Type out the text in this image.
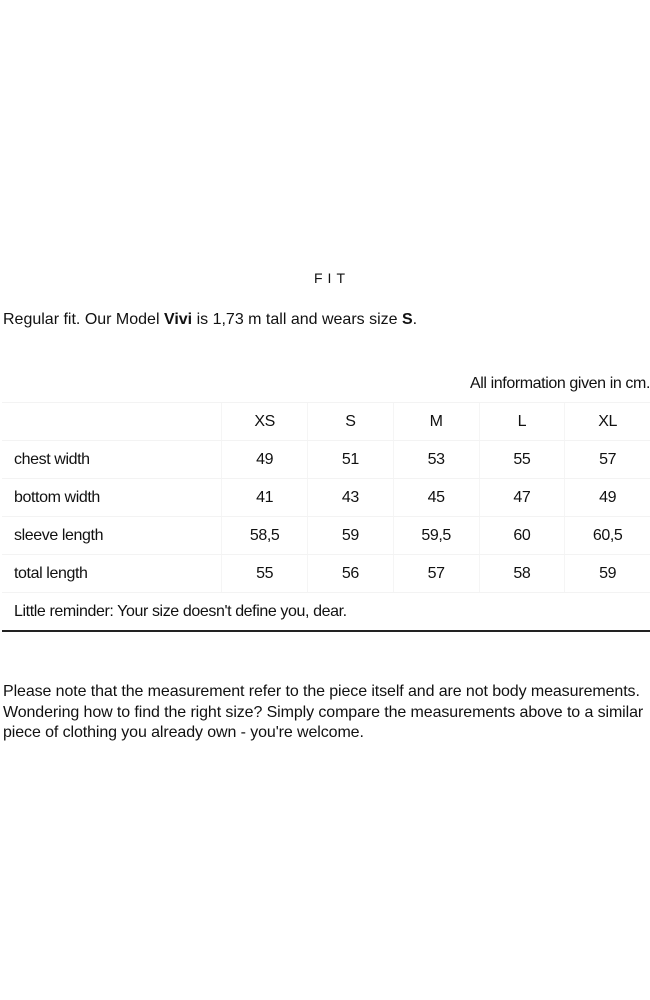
FIT

Regular fit. Our Model Vivi is 1,73 m tall and wears size S.

All information given in cm.					
	XS	S	M	L	XL
chest width	49	51	53	55	57
bottom width	41	43	45	47	49
sleeve length	58,5	59	59,5	60	60,5
total length	55	56	57	58	59
Little reminder: Your size doesn't define you, dear.					

Please note that the measurement refer to the piece itself and are not body measurements. Wondering how to find the right size? Simply compare the measurements above to a similar piece of clothing you already own - you're welcome.
